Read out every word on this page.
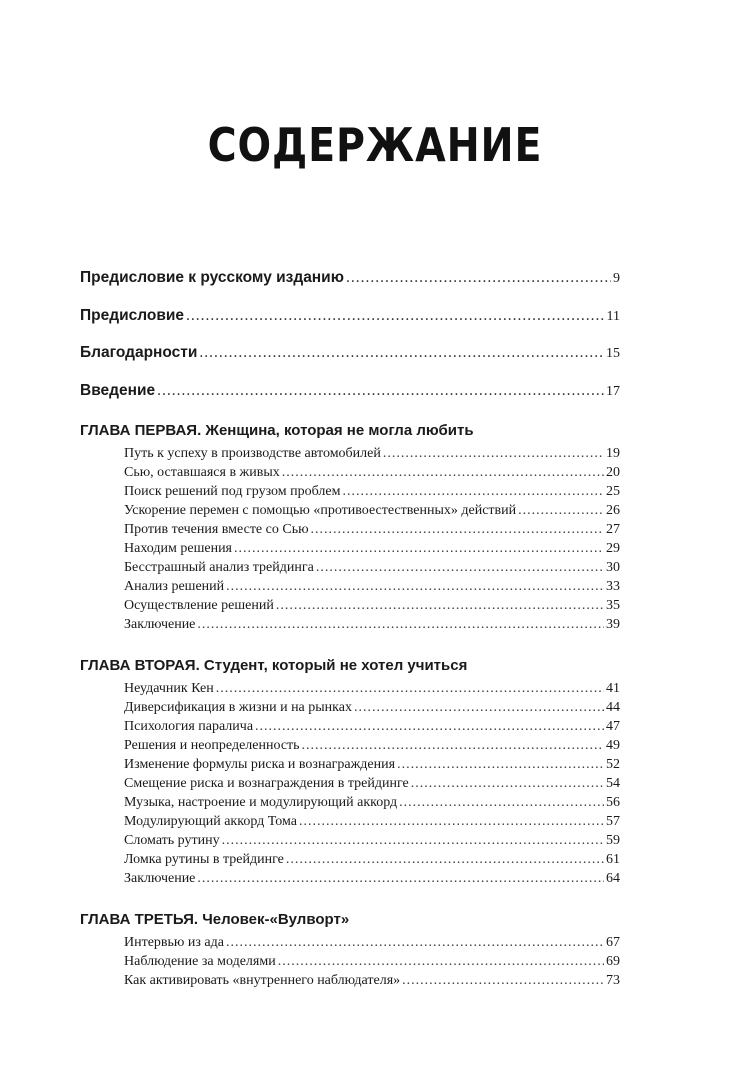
СОДЕРЖАНИЕ
Предисловие к русскому изданию .....	9
Предисловие .....	11
Благодарности .....	15
Введение .....	17
ГЛАВА ПЕРВАЯ. Женщина, которая не могла любить
Путь к успеху в производстве автомобилей .....	19
Сью, оставшаяся в живых .....	20
Поиск решений под грузом проблем .....	25
Ускорение перемен с помощью «противоестественных» действий .....	26
Против течения вместе со Сью .....	27
Находим решения .....	29
Бесстрашный анализ трейдинга .....	30
Анализ решений .....	33
Осуществление решений .....	35
Заключение .....	39
ГЛАВА ВТОРАЯ. Студент, который не хотел учиться
Неудачник Кен .....	41
Диверсификация в жизни и на рынках .....	44
Психология паралича .....	47
Решения и неопределенность .....	49
Изменение формулы риска и вознаграждения .....	52
Смещение риска и вознаграждения в трейдинге .....	54
Музыка, настроение и модулирующий аккорд .....	56
Модулирующий аккорд Тома .....	57
Сломать рутину .....	59
Ломка рутины в трейдинге .....	61
Заключение .....	64
ГЛАВА ТРЕТЬЯ. Человек-«Вулворт»
Интервью из ада .....	67
Наблюдение за моделями .....	69
Как активировать «внутреннего наблюдателя» .....	73
